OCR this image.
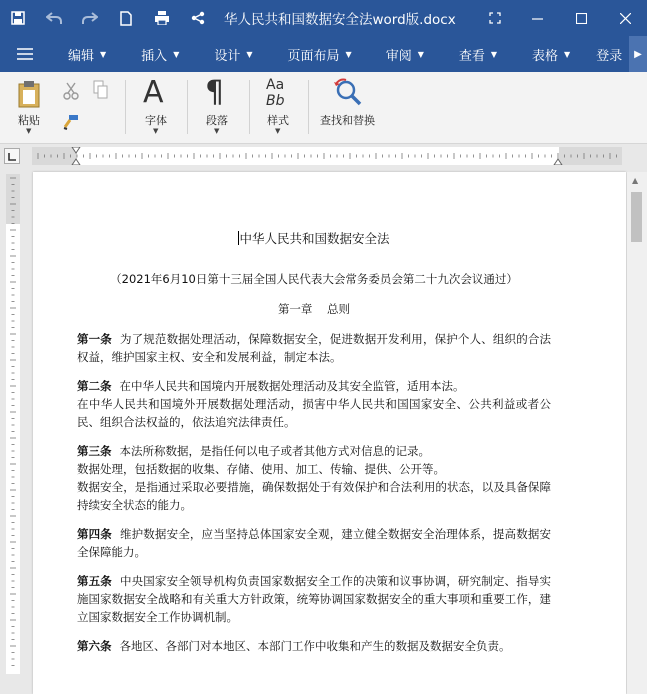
华人民共和国数据安全法word版.docx
编辑 ▼	插入 ▼	设计 ▼	页面布局 ▼	审阅 ▼	查看 ▼	表格 ▼ 登录	▶
粘贴
▼
A
字体
▼
¶
段落
▼
Aa
Bb
样式
▼
查找和替换

中华人民共和国数据安全法

（2021年6月10日第十三届全国人民代表大会常务委员会第二十九次会议通过）

第一章    总则

第一条 为了规范数据处理活动，保障数据安全，促进数据开发利用，保护个人、组织的合法权益，维护国家主权、安全和发展利益，制定本法。
第二条 在中华人民共和国境内开展数据处理活动及其安全监管，适用本法。
在中华人民共和国境外开展数据处理活动，损害中华人民共和国国家安全、公共利益或者公民、组织合法权益的，依法追究法律责任。
第三条 本法所称数据，是指任何以电子或者其他方式对信息的记录。
数据处理，包括数据的收集、存储、使用、加工、传输、提供、公开等。
数据安全，是指通过采取必要措施，确保数据处于有效保护和合法利用的状态，以及具备保障持续安全状态的能力。
第四条 维护数据安全，应当坚持总体国家安全观，建立健全数据安全治理体系，提高数据安全保障能力。
第五条 中央国家安全领导机构负责国家数据安全工作的决策和议事协调，研究制定、指导实施国家数据安全战略和有关重大方针政策，统筹协调国家数据安全的重大事项和重要工作，建立国家数据安全工作协调机制。
第六条 各地区、各部门对本地区、本部门工作中收集和产生的数据及数据安全负责。
▲
